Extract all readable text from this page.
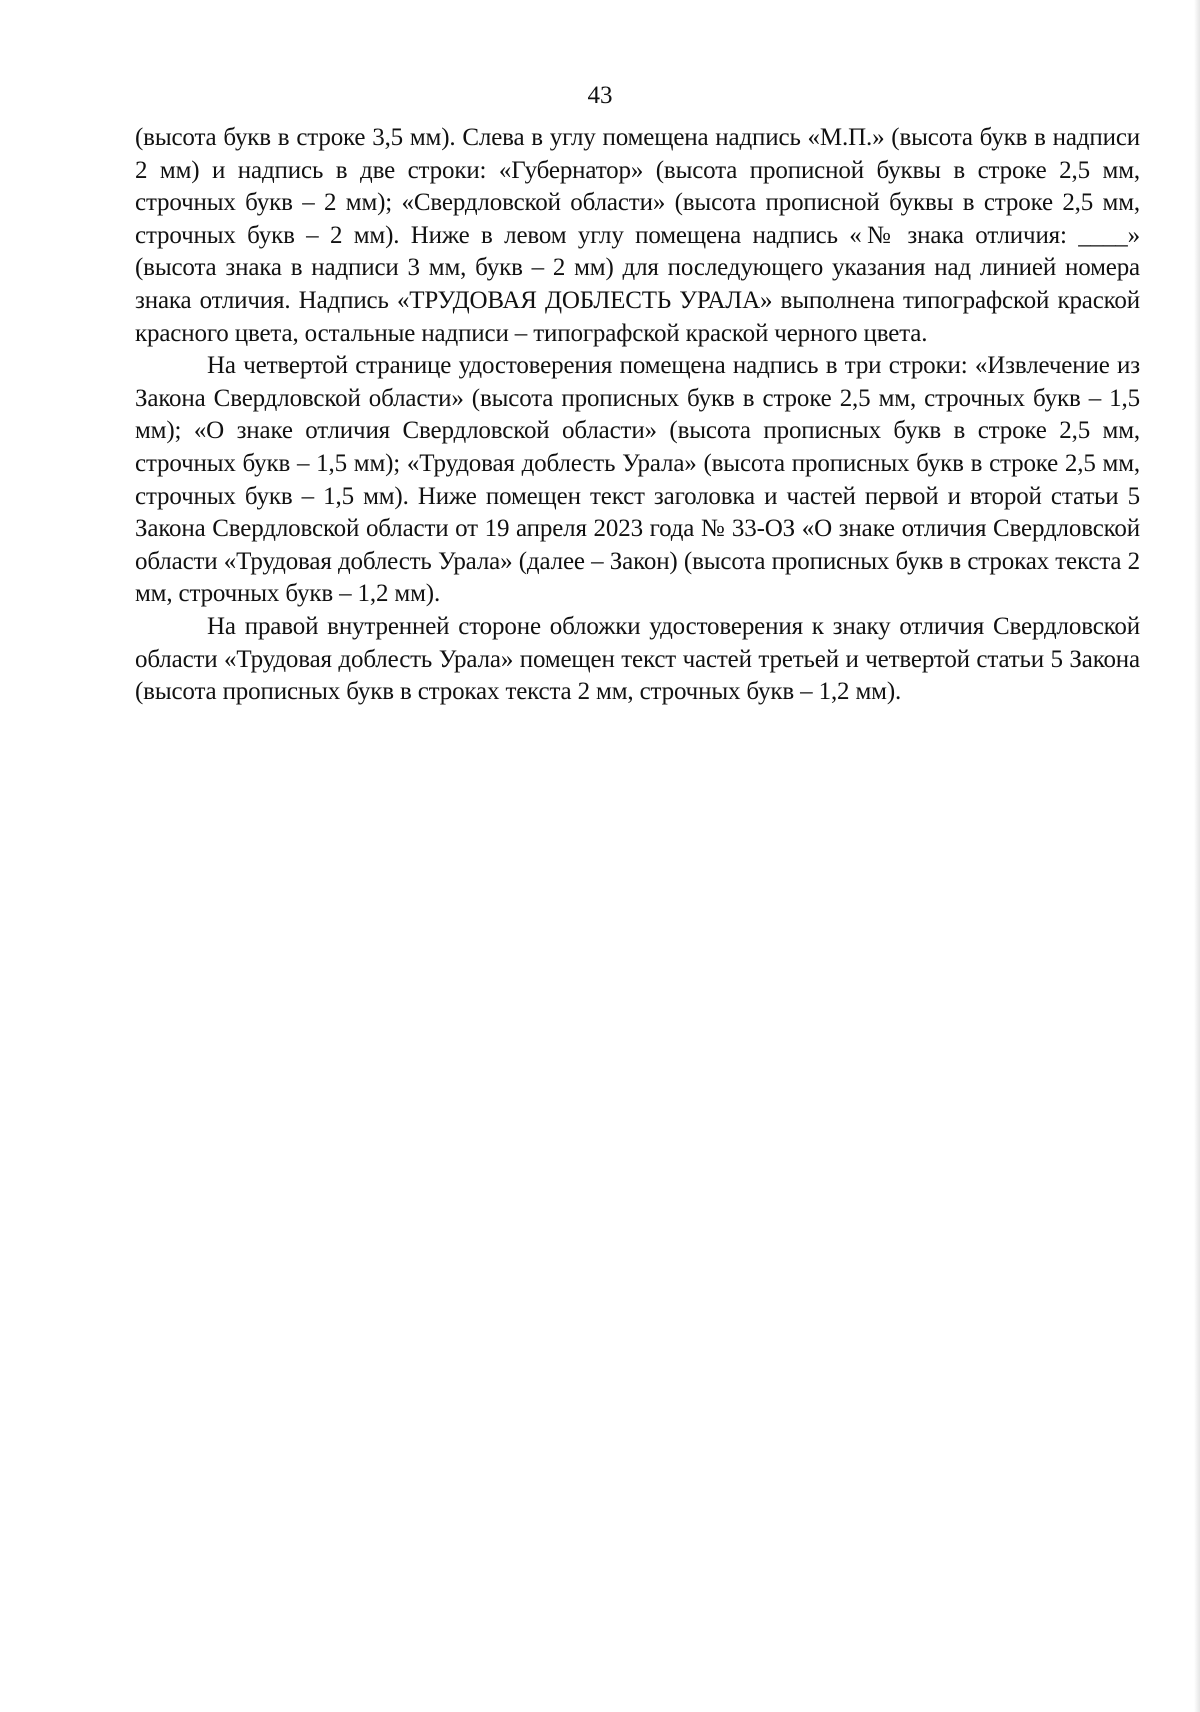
43

(высота букв в строке 3,5 мм). Слева в углу помещена надпись «М.П.» (высота букв в надписи 2 мм) и надпись в две строки: «Губернатор» (высота прописной буквы в строке 2,5 мм, строчных букв – 2 мм); «Свердловской области» (высота прописной буквы в строке 2,5 мм, строчных букв – 2 мм). Ниже в левом углу помещена надпись «№ знака отличия: ____» (высота знака в надписи 3 мм, букв – 2 мм) для последующего указания над линией номера знака отличия. Надпись «ТРУДОВАЯ ДОБЛЕСТЬ УРАЛА» выполнена типографской краской красного цвета, остальные надписи – типографской краской черного цвета.

На четвертой странице удостоверения помещена надпись в три строки: «Извлечение из Закона Свердловской области» (высота прописных букв в строке 2,5 мм, строчных букв – 1,5 мм); «О знаке отличия Свердловской области» (высота прописных букв в строке 2,5 мм, строчных букв – 1,5 мм); «Трудовая доблесть Урала» (высота прописных букв в строке 2,5 мм, строчных букв – 1,5 мм). Ниже помещен текст заголовка и частей первой и второй статьи 5 Закона Свердловской области от 19 апреля 2023 года № 33-ОЗ «О знаке отличия Свердловской области «Трудовая доблесть Урала» (далее – Закон) (высота прописных букв в строках текста 2 мм, строчных букв – 1,2 мм).

На правой внутренней стороне обложки удостоверения к знаку отличия Свердловской области «Трудовая доблесть Урала» помещен текст частей третьей и четвертой статьи 5 Закона (высота прописных букв в строках текста 2 мм, строчных букв – 1,2 мм).
